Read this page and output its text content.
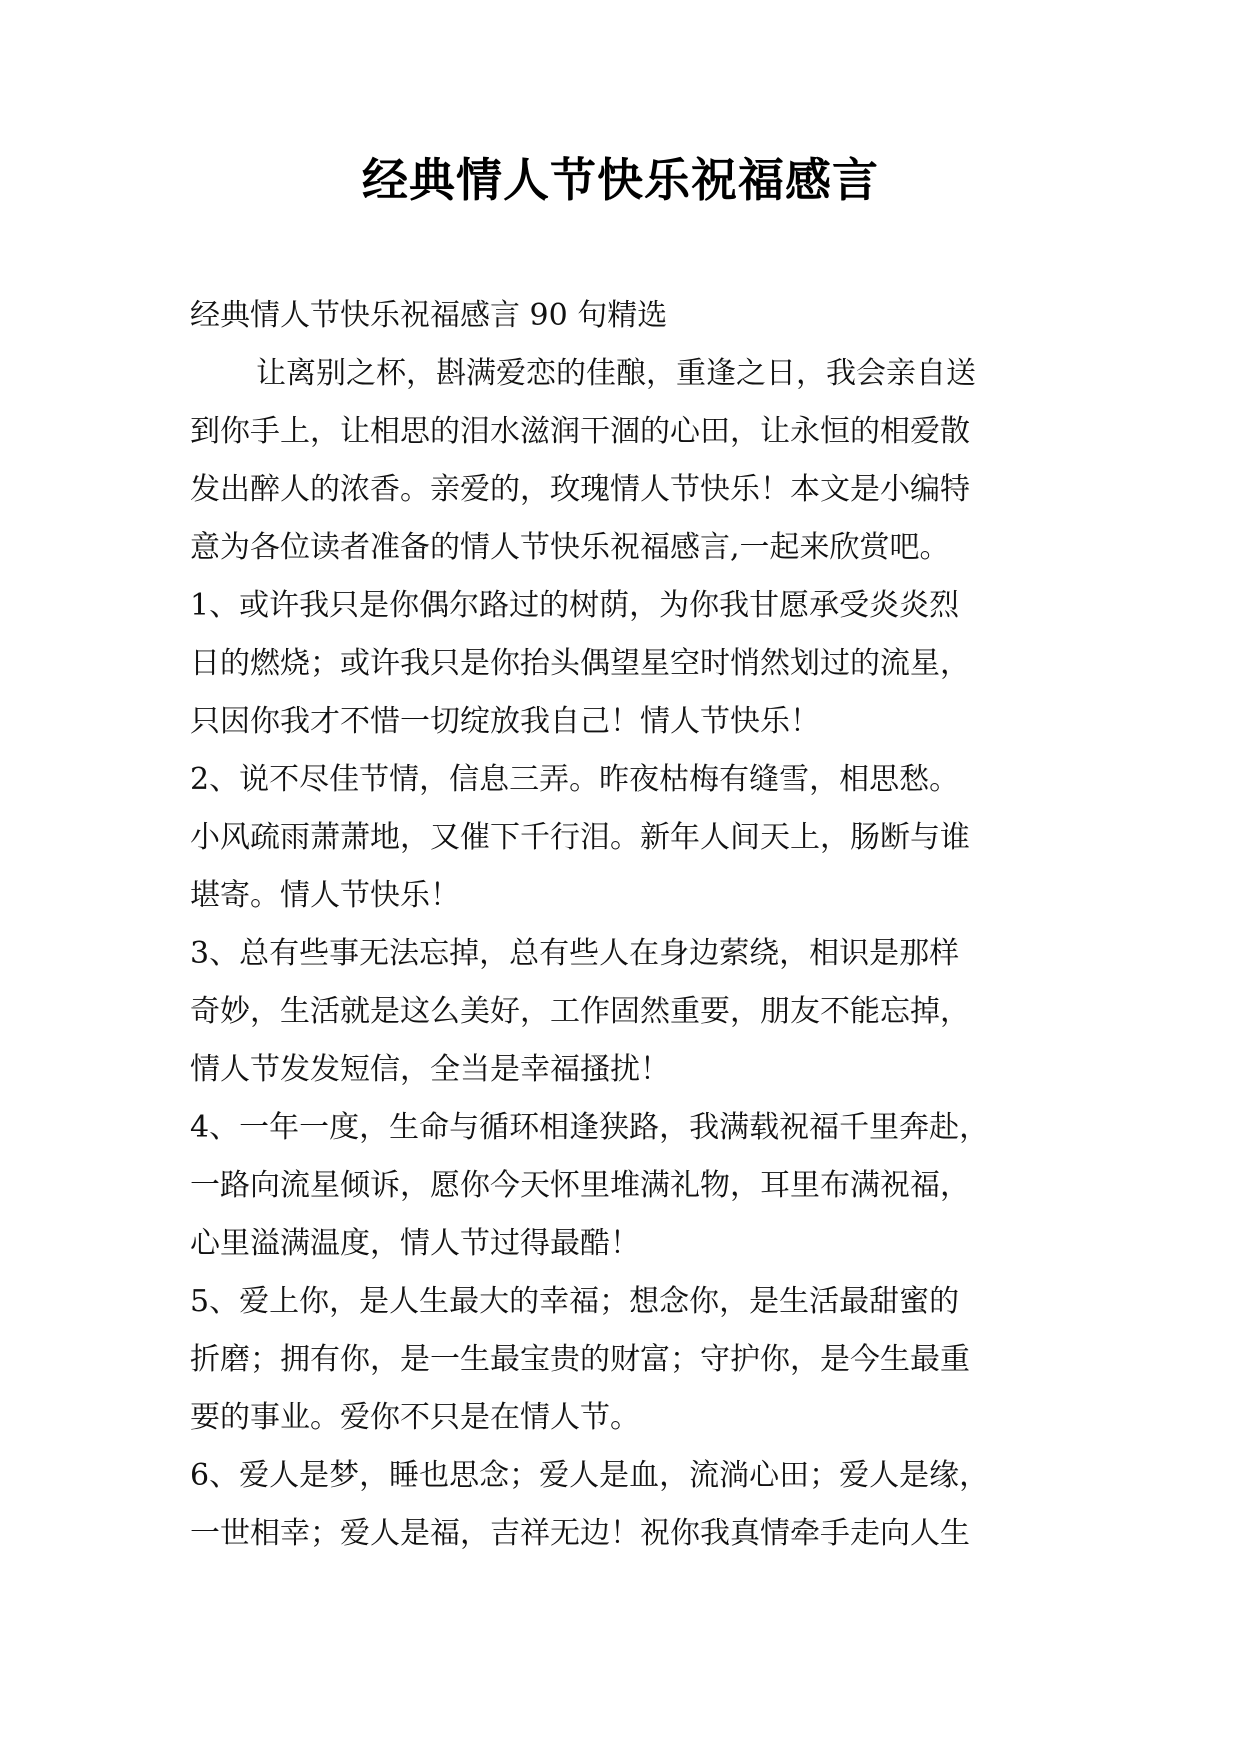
经典情人节快乐祝福感言
经典情人节快乐祝福感言 90 句精选
让离别之杯，斟满爱恋的佳酿，重逢之日，我会亲自送
到你手上，让相思的泪水滋润干涸的心田，让永恒的相爱散
发出醉人的浓香。亲爱的，玫瑰情人节快乐！本文是小编特
意为各位读者准备的情人节快乐祝福感言,一起来欣赏吧。
1、或许我只是你偶尔路过的树荫，为你我甘愿承受炎炎烈
日的燃烧；或许我只是你抬头偶望星空时悄然划过的流星，
只因你我才不惜一切绽放我自己！情人节快乐！
2、说不尽佳节情，信息三弄。昨夜枯梅有缝雪，相思愁。
小风疏雨萧萧地，又催下千行泪。新年人间天上，肠断与谁
堪寄。情人节快乐！
3、总有些事无法忘掉，总有些人在身边萦绕，相识是那样
奇妙，生活就是这么美好，工作固然重要，朋友不能忘掉，
情人节发发短信，全当是幸福搔扰！
4、一年一度，生命与循环相逢狭路，我满载祝福千里奔赴，
一路向流星倾诉，愿你今天怀里堆满礼物，耳里布满祝福，
心里溢满温度，情人节过得最酷！
5、爱上你，是人生最大的幸福；想念你，是生活最甜蜜的
折磨；拥有你，是一生最宝贵的财富；守护你，是今生最重
要的事业。爱你不只是在情人节。
6、爱人是梦，睡也思念；爱人是血，流淌心田；爱人是缘，
一世相幸；爱人是福，吉祥无边！祝你我真情牵手走向人生
